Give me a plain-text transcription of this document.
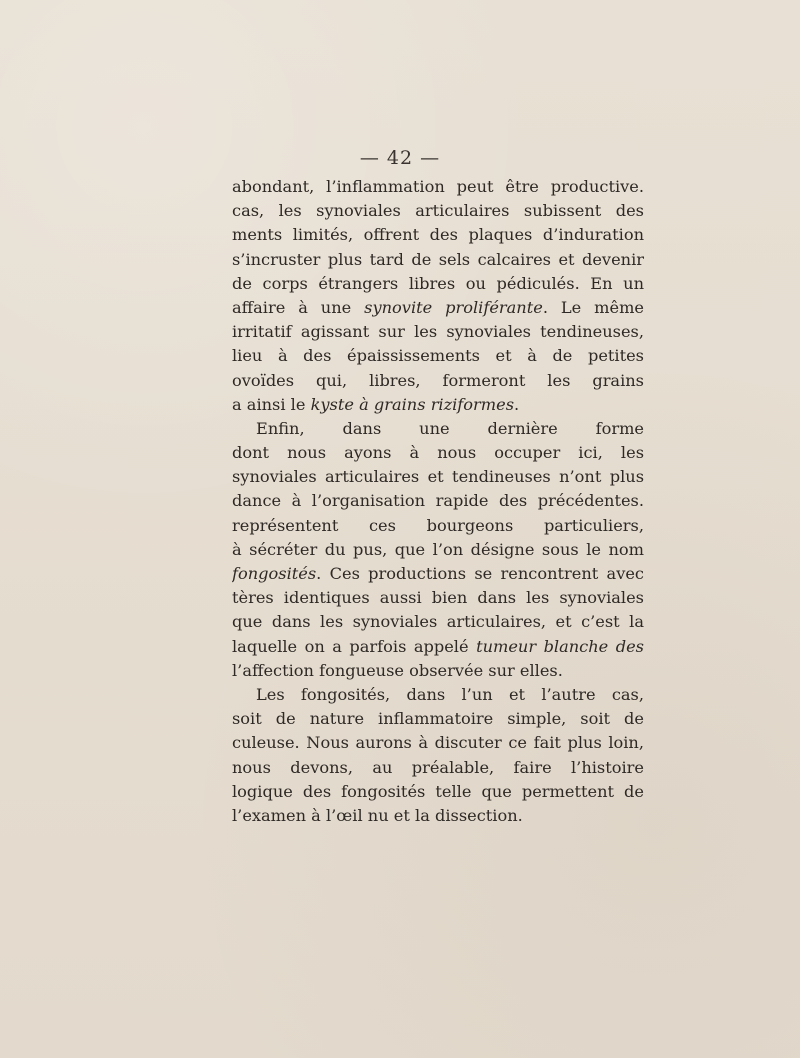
— 42 —
abondant, l’inflammation peut être productive.
cas, les synoviales articulaires subissent des
ments limités, offrent des plaques d’induration
s’incruster plus tard de sels calcaires et devenir
de corps étrangers libres ou pédiculés. En un
affaire à une synovite proliférante. Le même
irritatif agissant sur les synoviales tendineuses,
lieu à des épaississements et à de petites
ovoïdes qui, libres, formeront les grains
a ainsi le kyste à grains riziformes.
Enfin, dans une dernière forme
dont nous ayons à nous occuper ici, les
synoviales articulaires et tendineuses n’ont plus
dance à l’organisation rapide des précédentes.
représentent ces bourgeons particuliers,
à sécréter du pus, que l’on désigne sous le nom
fongosités. Ces productions se rencontrent avec
tères identiques aussi bien dans les synoviales
que dans les synoviales articulaires, et c’est la
laquelle on a parfois appelé tumeur blanche des
l’affection fongueuse observée sur elles.
Les fongosités, dans l’un et l’autre cas,
soit de nature inflammatoire simple, soit de
culeuse. Nous aurons à discuter ce fait plus loin,
nous devons, au préalable, faire l’histoire
logique des fongosités telle que permettent de
l’examen à l’œil nu et la dissection.
